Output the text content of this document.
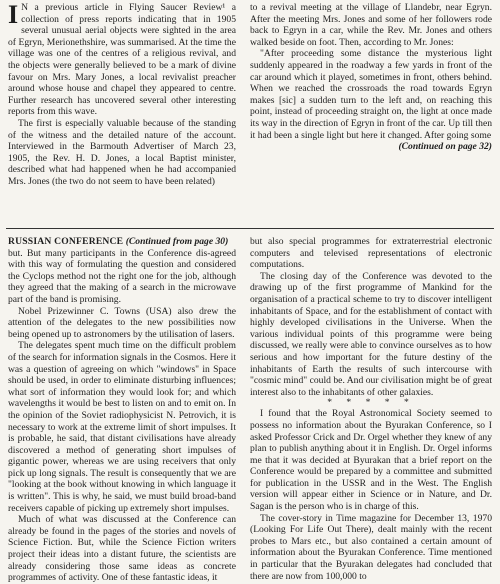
I N a previous article in Flying Saucer Review¹ a collection of press reports indicating that in 1905 several unusual aerial objects were sighted in the area of Egryn, Merionethshire, was summarised. At the time the village was one of the centres of a religious revival, and the objects were generally believed to be a mark of divine favour on Mrs. Mary Jones, a local revivalist preacher around whose house and chapel they appeared to centre. Further research has uncovered several other interesting reports from this wave.

The first is especially valuable because of the standing of the witness and the detailed nature of the account. Interviewed in the Barmouth Advertiser of March 23, 1905, the Rev. H. D. Jones, a local Baptist minister, described what had happened when he had accompanied Mrs. Jones (the two do not seem to have been related)

to a revival meeting at the village of Llandebr, near Egryn. After the meeting Mrs. Jones and some of her followers rode back to Egryn in a car, while the Rev. Mr. Jones and others walked beside on foot. Then, according to Mr. Jones:

"After proceeding some distance the mysterious light suddenly appeared in the roadway a few yards in front of the car around which it played, sometimes in front, others behind. When we reached the crossroads the road towards Egryn makes [sic] a sudden turn to the left and, on reaching this point, instead of proceeding straight on, the light at once made its way in the direction of Egryn in front of the car. Up till then it had been a single light but here it changed. After going some

(Continued on page 32)

RUSSIAN CONFERENCE (Continued from page 30)

but. But many participants in the Conference dis-agreed with this way of formulating the question and considered the Cyclops method not the right one for the job, although they agreed that the making of a search in the microwave part of the band is promising.

Nobel Prizewinner C. Towns (USA) also drew the attention of the delegates to the new possibilities now being opened up to astronomers by the utilisation of lasers.

The delegates spent much time on the difficult problem of the search for information signals in the Cosmos. Here it was a question of agreeing on which "windows" in Space should be used, in order to eliminate disturbing influences; what sort of information they would look for; and which wavelengths it would be best to listen on and to emit on. In the opinion of the Soviet radiophysicist N. Petrovich, it is necessary to work at the extreme limit of short impulses. It is probable, he said, that distant civilisations have already discovered a method of generating short impulses of gigantic power, whereas we are using receivers that only pick up long signals. The result is consequently that we are "looking at the book without knowing in which language it is written". This is why, he said, we must build broad-band receivers capable of picking up extremely short impulses.

Much of what was discussed at the Conference can already be found in the pages of the stories and novels of Science Fiction. But, while the Science Fiction writers project their ideas into a distant future, the scientists are already considering those same ideas as concrete programmes of activity. One of these fantastic ideas, it

but also special programmes for extraterrestrial electronic computers and televised representations of electronic computations.

The closing day of the Conference was devoted to the drawing up of the first programme of Mankind for the organisation of a practical scheme to try to discover intelligent inhabitants of Space, and for the establishment of contact with highly developed civilisations in the Universe. When the various individual points of this programme were being discussed, we really were able to convince ourselves as to how serious and how important for the future destiny of the inhabitants of Earth the results of such intercourse with "cosmic mind" could be. And our civilisation might be of great interest also to the inhabitants of other galaxies.

* * * * *

I found that the Royal Astronomical Society seemed to possess no information about the Byurakan Conference, so I asked Professor Crick and Dr. Orgel whether they knew of any plan to publish anything about it in English. Dr. Orgel informs me that it was decided at Byurakan that a brief report on the Conference would be prepared by a committee and submitted for publication in the USSR and in the West. The English version will appear either in Science or in Nature, and Dr. Sagan is the person who is in charge of this.

The cover-story in Time magazine for December 13, 1970 (Looking For Life Out There), dealt mainly with the recent probes to Mars etc., but also contained a certain amount of information about the Byurakan Conference. Time mentioned in particular that the Byurakan delegates had concluded that there are now from 100,000 to
